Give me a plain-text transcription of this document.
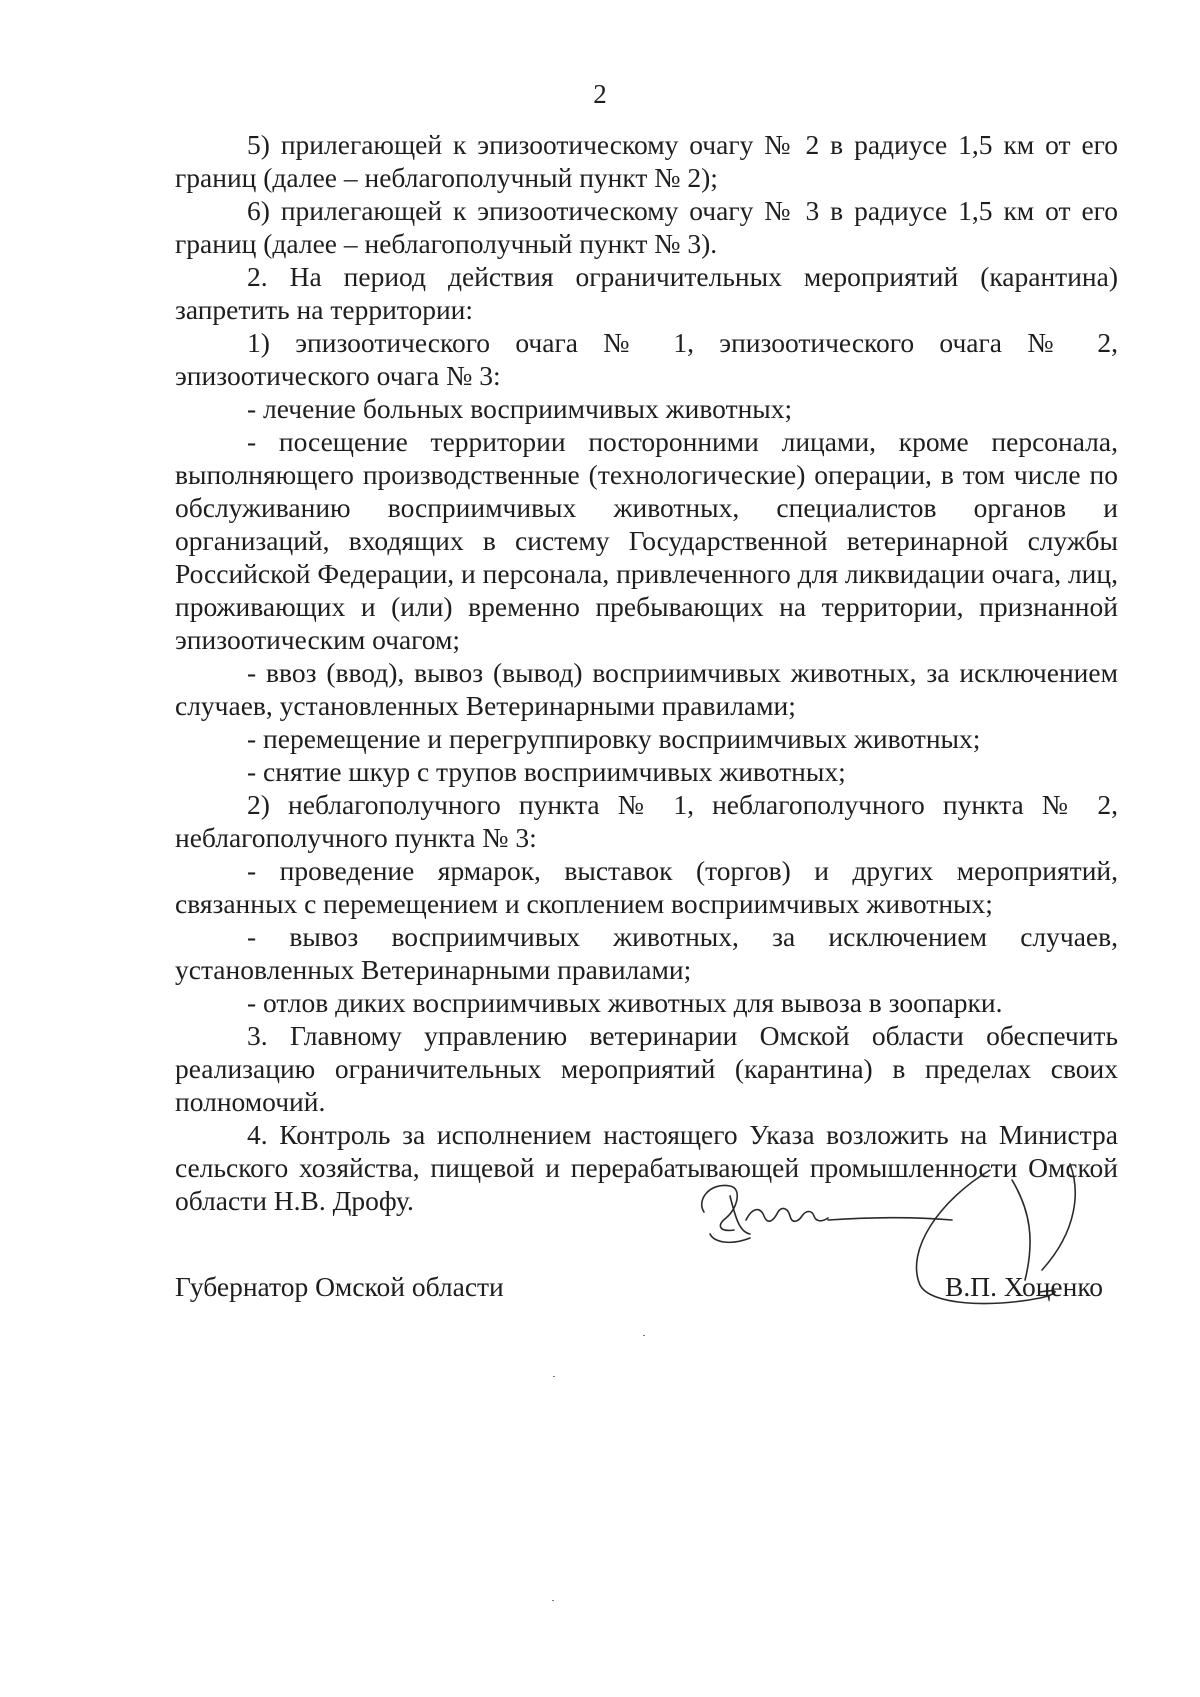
2

5) прилегающей к эпизоотическому очагу № 2 в радиусе 1,5 км от его границ (далее – неблагополучный пункт № 2);

6) прилегающей к эпизоотическому очагу № 3 в радиусе 1,5 км от его границ (далее – неблагополучный пункт № 3).

2. На период действия ограничительных мероприятий (карантина) запретить на территории:

1) эпизоотического очага № 1, эпизоотического очага № 2, эпизоотического очага № 3:

- лечение больных восприимчивых животных;

- посещение территории посторонними лицами, кроме персонала, выполняющего производственные (технологические) операции, в том числе по обслуживанию восприимчивых животных, специалистов органов и организаций, входящих в систему Государственной ветеринарной службы Российской Федерации, и персонала, привлеченного для ликвидации очага, лиц, проживающих и (или) временно пребывающих на территории, признанной эпизоотическим очагом;

- ввоз (ввод), вывоз (вывод) восприимчивых животных, за исключением случаев, установленных Ветеринарными правилами;

- перемещение и перегруппировку восприимчивых животных;

- снятие шкур с трупов восприимчивых животных;

2) неблагополучного пункта № 1, неблагополучного пункта № 2, неблагополучного пункта № 3:

- проведение ярмарок, выставок (торгов) и других мероприятий, связанных с перемещением и скоплением восприимчивых животных;

- вывоз восприимчивых животных, за исключением случаев, установленных Ветеринарными правилами;

- отлов диких восприимчивых животных для вывоза в зоопарки.

3. Главному управлению ветеринарии Омской области обеспечить реализацию ограничительных мероприятий (карантина) в пределах своих полномочий.

4. Контроль за исполнением настоящего Указа возложить на Министра сельского хозяйства, пищевой и перерабатывающей промышленности Омской области Н.В. Дрофу.

Губернатор Омской области	В.П. Хоценко
